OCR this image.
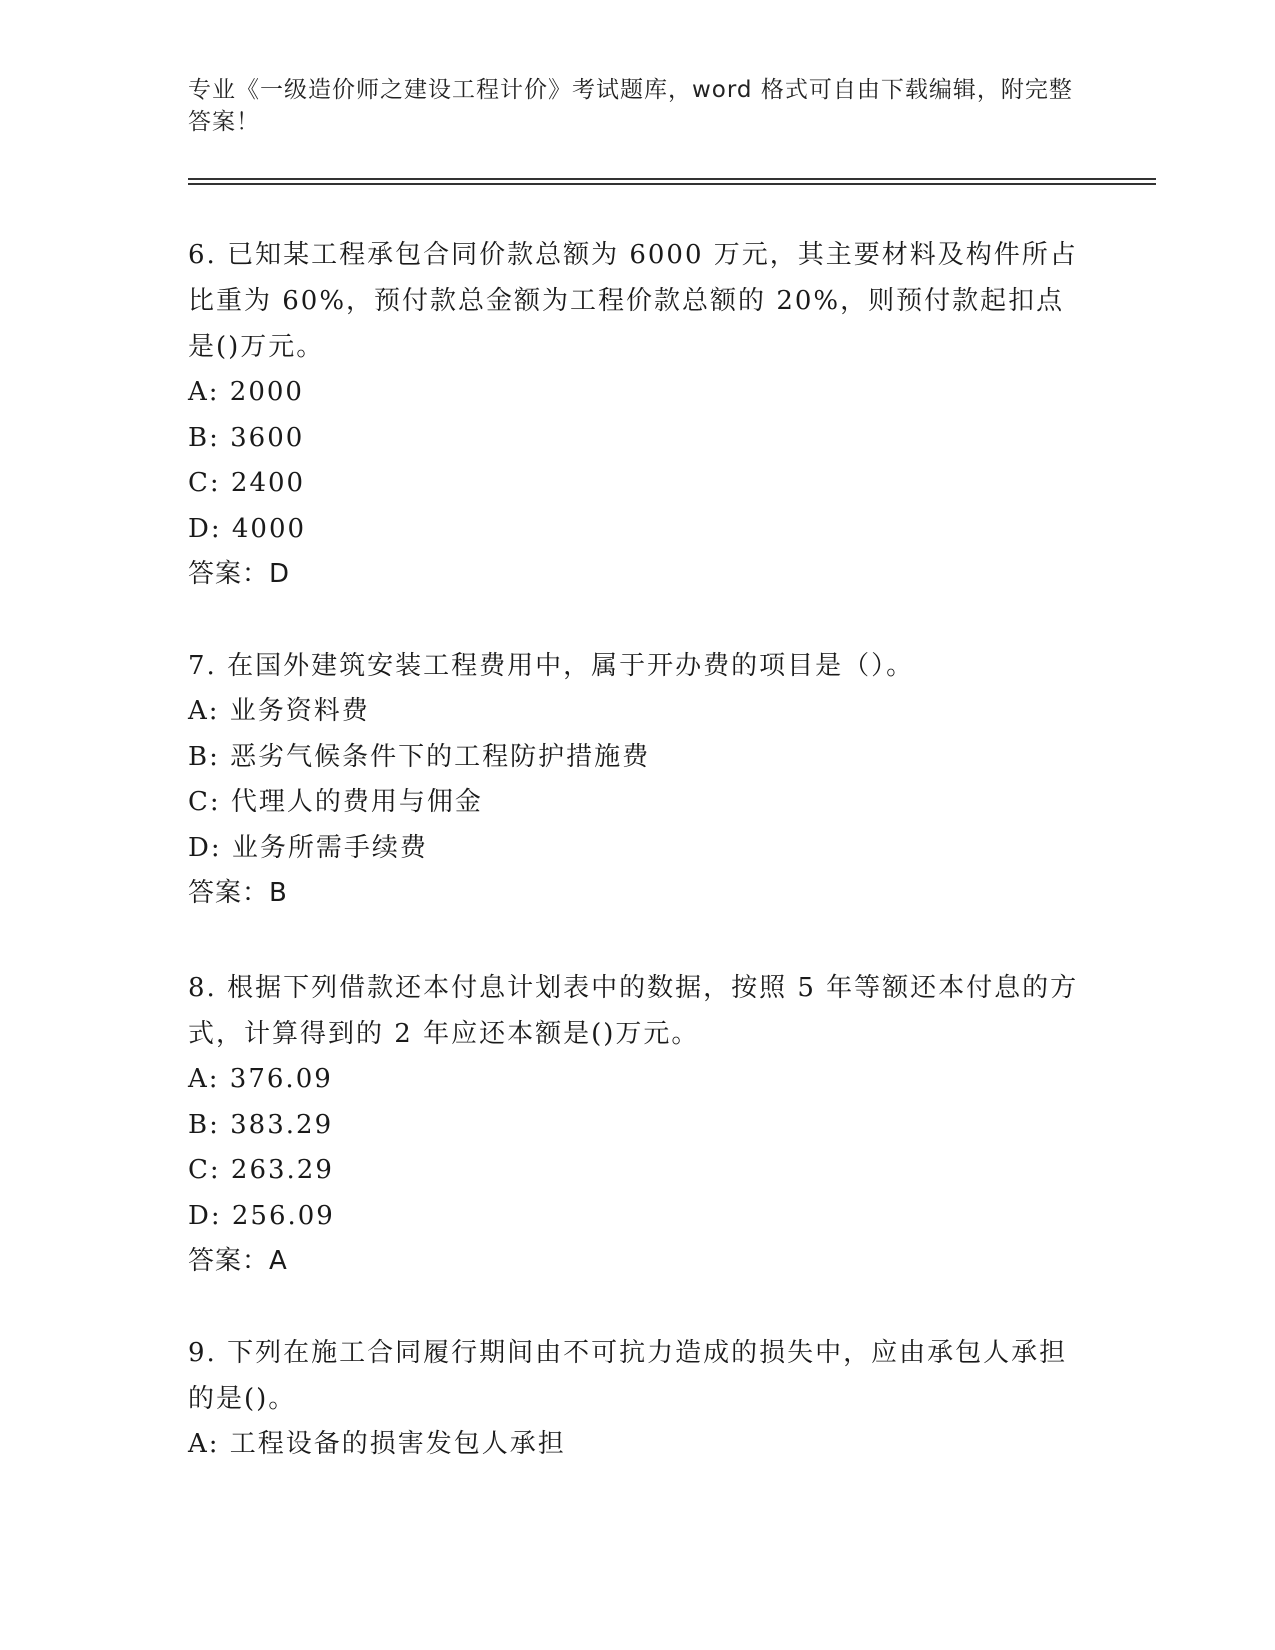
专业《一级造价师之建设工程计价》考试题库，word 格式可自由下载编辑，附完整答案！

6. 已知某工程承包合同价款总额为 6000 万元，其主要材料及构件所占比重为 60%，预付款总金额为工程价款总额的 20%，则预付款起扣点是()万元。

A: 2000

B: 3600

C: 2400

D: 4000

答案：D

7. 在国外建筑安装工程费用中，属于开办费的项目是（）。

A: 业务资料费

B: 恶劣气候条件下的工程防护措施费

C: 代理人的费用与佣金

D: 业务所需手续费

答案：B

8. 根据下列借款还本付息计划表中的数据，按照 5 年等额还本付息的方式，计算得到的 2 年应还本额是()万元。

A: 376.09

B: 383.29

C: 263.29

D: 256.09

答案：A

9. 下列在施工合同履行期间由不可抗力造成的损失中，应由承包人承担的是()。

A: 工程设备的损害发包人承担
